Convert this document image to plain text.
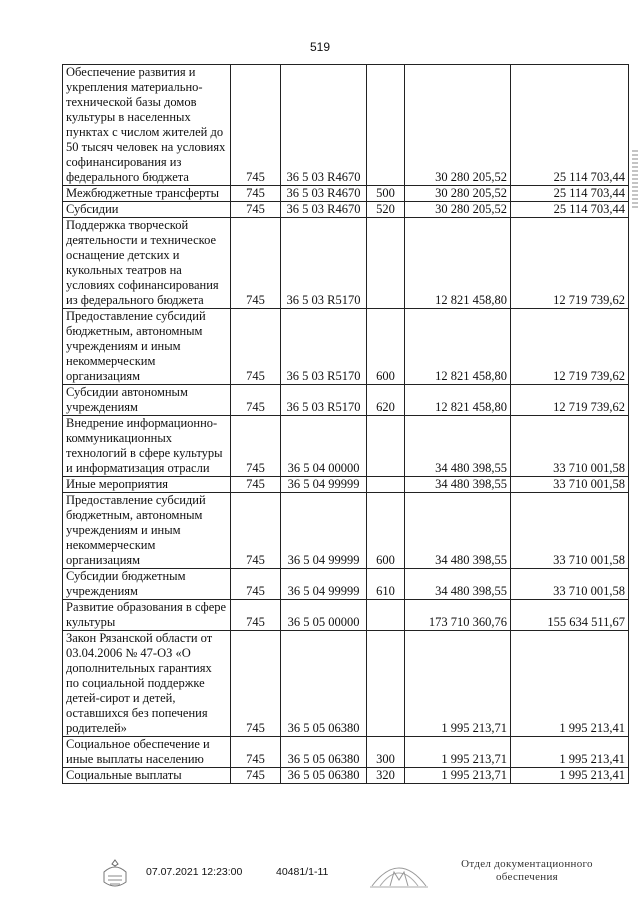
519
Обеспечение развития и укрепления материально-технической базы домов культуры в населенных пунктах с числом жителей до 50 тысяч человек на условиях софинансирования из федерального бюджета	745	36 5 03 R4670		30 280 205,52	25 114 703,44
Межбюджетные трансферты	745	36 5 03 R4670	500	30 280 205,52	25 114 703,44
Субсидии	745	36 5 03 R4670	520	30 280 205,52	25 114 703,44
Поддержка творческой деятельности и техническое оснащение детских и кукольных театров на условиях софинансирования из федерального бюджета	745	36 5 03 R5170		12 821 458,80	12 719 739,62
Предоставление субсидий бюджетным, автономным учреждениям и иным некоммерческим организациям	745	36 5 03 R5170	600	12 821 458,80	12 719 739,62
Субсидии автономным учреждениям	745	36 5 03 R5170	620	12 821 458,80	12 719 739,62
Внедрение информационно-коммуникационных технологий в сфере культуры и информатизация отрасли	745	36 5 04 00000		34 480 398,55	33 710 001,58
Иные мероприятия	745	36 5 04 99999		34 480 398,55	33 710 001,58
Предоставление субсидий бюджетным, автономным учреждениям и иным некоммерческим организациям	745	36 5 04 99999	600	34 480 398,55	33 710 001,58
Субсидии бюджетным учреждениям	745	36 5 04 99999	610	34 480 398,55	33 710 001,58
Развитие образования в сфере культуры	745	36 5 05 00000		173 710 360,76	155 634 511,67
Закон Рязанской области от 03.04.2006 № 47-ОЗ «О дополнительных гарантиях по социальной поддержке детей-сирот и детей, оставшихся без попечения родителей»	745	36 5 05 06380		1 995 213,71	1 995 213,41
Социальное обеспечение и иные выплаты населению	745	36 5 05 06380	300	1 995 213,71	1 995 213,41
Социальные выплаты	745	36 5 05 06380	320	1 995 213,71	1 995 213,41
07.07.2021 12:23:00	40481/1-11
Отдел документационного
обеспечения
